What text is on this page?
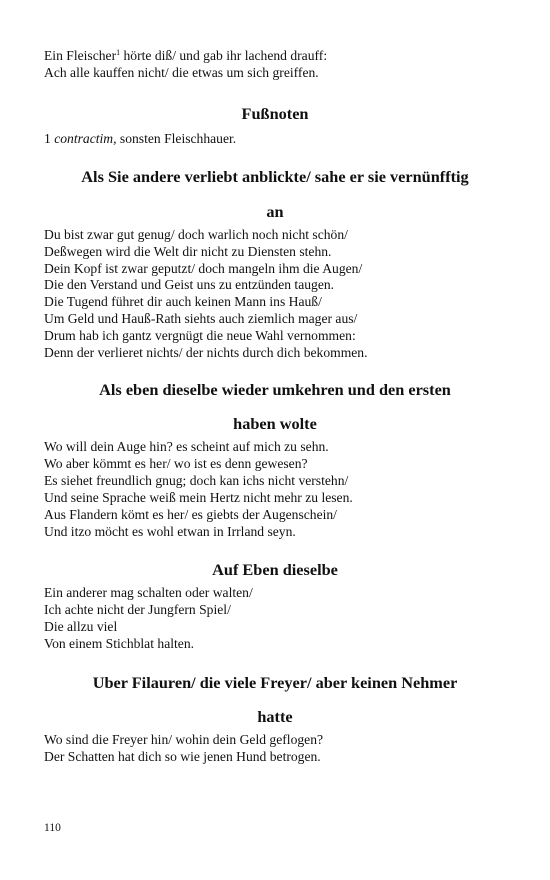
Ein Fleischer$^1$ hörte diß/ und gab ihr lachend drauff:
Ach alle kauffen nicht/ die etwas um sich greiffen.
Fußnoten
1 contractim, sonsten Fleischhauer.
Als Sie andere verliebt anblickte/ sahe er sie vernünfftig
an
Du bist zwar gut genug/ doch warlich noch nicht schön/
Deßwegen wird die Welt dir nicht zu Diensten stehn.
Dein Kopf ist zwar geputzt/ doch mangeln ihm die Augen/
Die den Verstand und Geist uns zu entzünden taugen.
Die Tugend führet dir auch keinen Mann ins Hauß/
Um Geld und Hauß-Rath siehts auch ziemlich mager aus/
Drum hab ich gantz vergnügt die neue Wahl vernommen:
Denn der verlieret nichts/ der nichts durch dich bekommen.
Als eben dieselbe wieder umkehren und den ersten
haben wolte
Wo will dein Auge hin? es scheint auf mich zu sehn.
Wo aber kömmt es her/ wo ist es denn gewesen?
Es siehet freundlich gnug; doch kan ichs nicht verstehn/
Und seine Sprache weiß mein Hertz nicht mehr zu lesen.
Aus Flandern kömt es her/ es giebts der Augenschein/
Und itzo möcht es wohl etwan in Irrland seyn.
Auf Eben dieselbe
Ein anderer mag schalten oder walten/
Ich achte nicht der Jungfern Spiel/
Die allzu viel
Von einem Stichblat halten.
Uber Filauren/ die viele Freyer/ aber keinen Nehmer
hatte
Wo sind die Freyer hin/ wohin dein Geld geflogen?
Der Schatten hat dich so wie jenen Hund betrogen.
110
